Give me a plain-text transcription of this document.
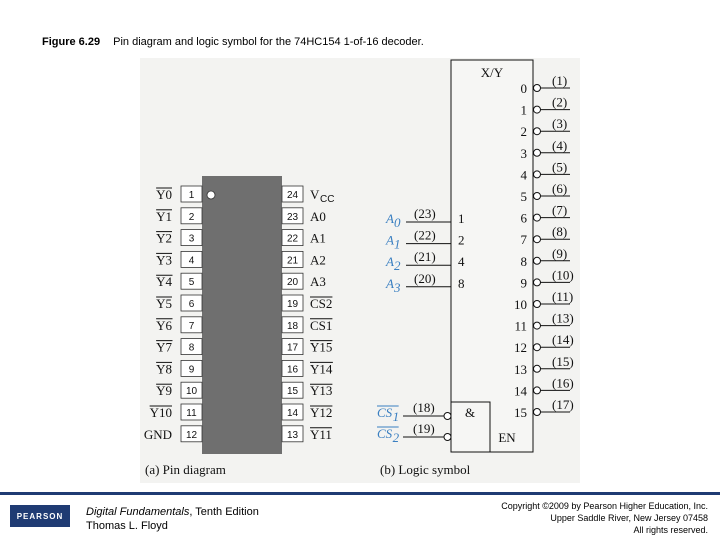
Figure 6.29 Pin diagram and logic symbol for the 74HC154 1-of-16 decoder.
1
Y0
2
Y1
3
Y2
4
Y3
5
Y4
6
Y5
7
Y6
8
Y7
9
Y8
10
Y9
11
Y10
12
GND
24 V CC
23 A0
22 A1
21 A2
20 A3
19 CS2
18 CS1
17 Y15
16 Y14
15 Y13
14 Y12
13 Y11
(a) Pin diagram
X/Y
&
EN
0
(1)
1
(2)
2
(3)
3
(4)
4
(5)
5
(6)
6
(7)
7
(8)
8
(9)
9
(10)
10
(11)
11
(13)
12
(14)
13
(15)
14
(16)
15
(17)
(23) 1
A 0
(22) 2
A 1
(21) 4
A 2
(20) 8
A 3
(18)
CS 1
(19)
CS 2
(b) Logic symbol
PEARSON	Digital Fundamentals, Tenth Edition
Thomas L. Floyd
Copyright ©2009 by Pearson Higher Education, Inc.
Upper Saddle River, New Jersey 07458
All rights reserved.
